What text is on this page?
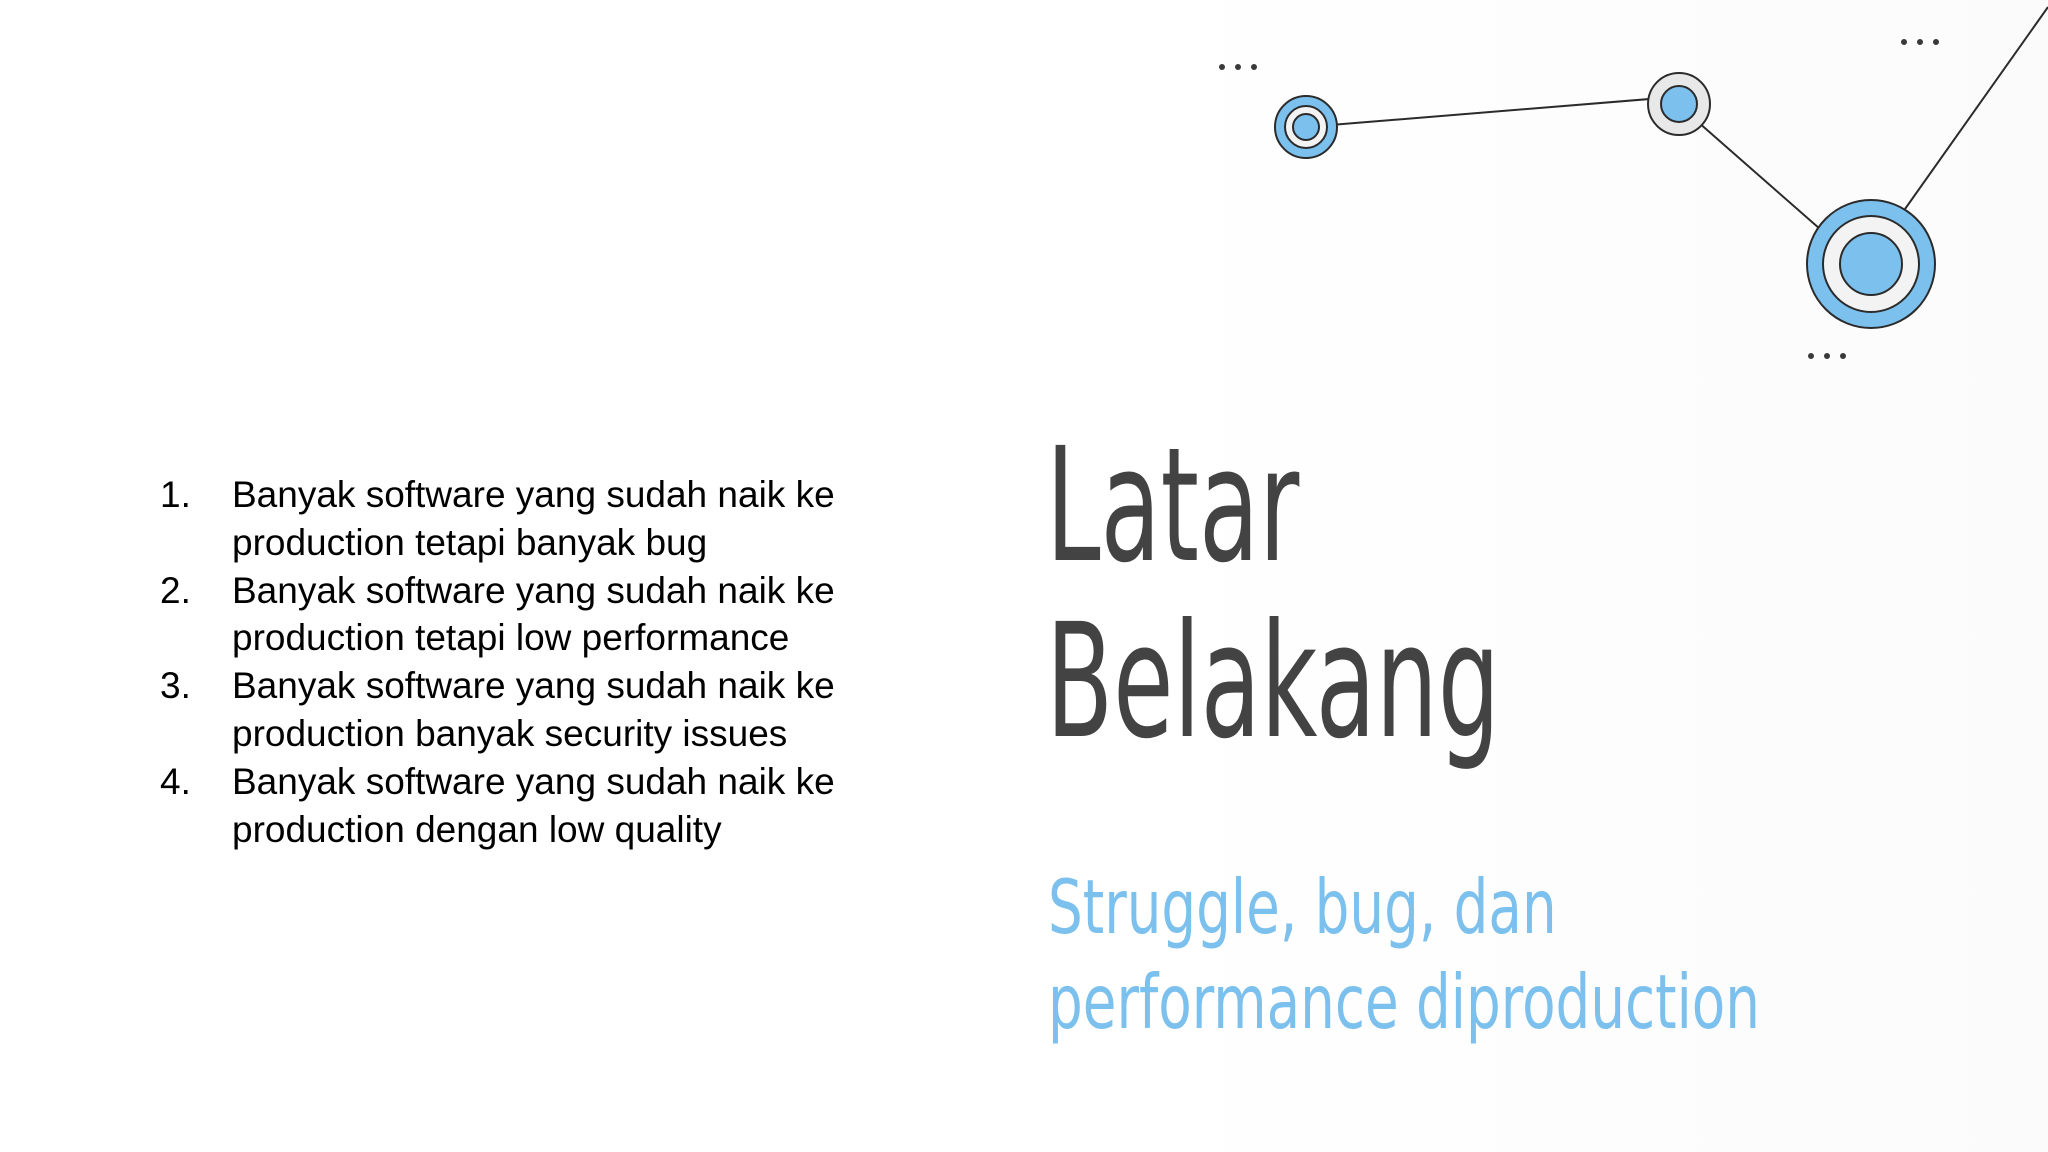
1. Banyak software yang sudah naik ke
production tetapi banyak bug
2. Banyak software yang sudah naik ke
production tetapi low performance
3. Banyak software yang sudah naik ke
production banyak security issues
4. Banyak software yang sudah naik ke
production dengan low quality
Latar
Belakang

Struggle, bug, dan
performance diproduction
